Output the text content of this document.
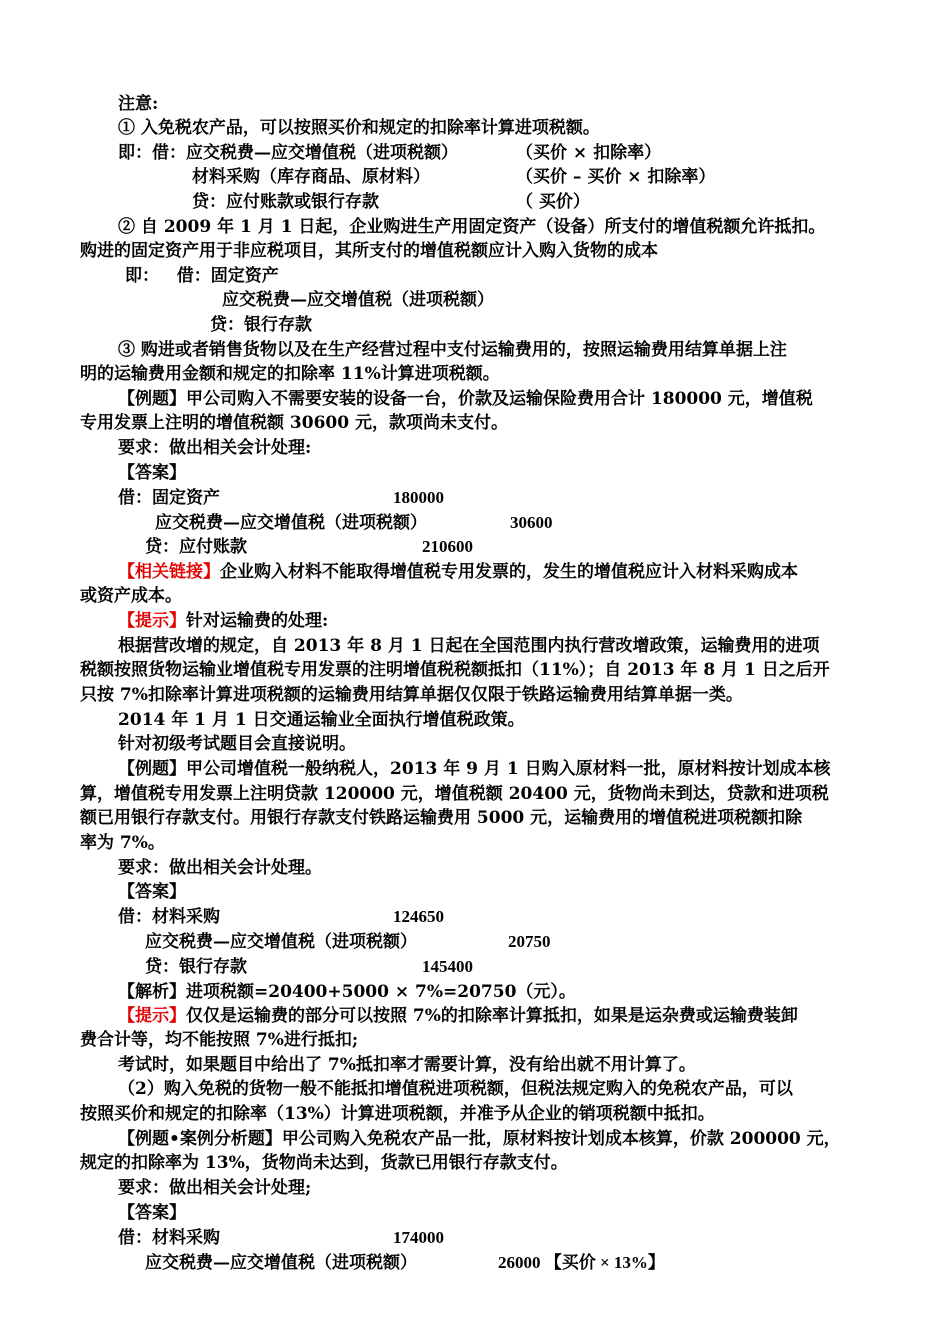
注意:
① 入免税农产品，可以按照买价和规定的扣除率计算进项税额。
即：借：应交税费—应交增值税（进项税额）	（买价 × 扣除率）
材料采购（库存商品、原材料）	（买价 – 买价 × 扣除率）
贷：应付账款或银行存款	（ 买价）
② 自 2009 年 1 月 1 日起，企业购进生产用固定资产（设备）所支付的增值税额允许抵扣。
购进的固定资产用于非应税项目，其所支付的增值税额应计入购入货物的成本
即：   借：固定资产
应交税费—应交增值税（进项税额）
贷：银行存款
③ 购进或者销售货物以及在生产经营过程中支付运输费用的，按照运输费用结算单据上注
明的运输费用金额和规定的扣除率 11%计算进项税额。
【例题】甲公司购入不需要安装的设备一台，价款及运输保险费用合计 180000 元，增值税
专用发票上注明的增值税额 30600 元，款项尚未支付。
要求：做出相关会计处理:
【答案】
借：固定资产	180000
应交税费—应交增值税（进项税额）	30600
贷：应付账款	210600
【相关链接】企业购入材料不能取得增值税专用发票的，发生的增值税应计入材料采购成本
或资产成本。
【提示】针对运输费的处理:
根据营改增的规定，自 2013 年 8 月 1 日起在全国范围内执行营改增政策，运输费用的进项
税额按照货物运输业增值税专用发票的注明增值税税额抵扣（11%）；自 2013 年 8 月 1 日之后开
只按 7%扣除率计算进项税额的运输费用结算单据仅仅限于铁路运输费用结算单据一类。
2014 年 1 月 1 日交通运输业全面执行增值税政策。
针对初级考试题目会直接说明。
【例题】甲公司增值税一般纳税人，2013 年 9 月 1 日购入原材料一批，原材料按计划成本核
算，增值税专用发票上注明贷款 120000 元，增值税额 20400 元，货物尚未到达，贷款和进项税
额已用银行存款支付。用银行存款支付铁路运输费用 5000 元，运输费用的增值税进项税额扣除
率为 7%。
要求：做出相关会计处理。
【答案】
借：材料采购	124650
应交税费—应交增值税（进项税额）	20750
贷：银行存款	145400
【解析】进项税额=20400+5000 × 7%=20750（元）。
【提示】仅仅是运输费的部分可以按照 7%的扣除率计算抵扣，如果是运杂费或运输费装卸
费合计等，均不能按照 7%进行抵扣;
考试时，如果题目中给出了 7%抵扣率才需要计算，没有给出就不用计算了。
（2）购入免税的货物一般不能抵扣增值税进项税额，但税法规定购入的免税农产品，可以
按照买价和规定的扣除率（13%）计算进项税额，并准予从企业的销项税额中抵扣。
【例题•案例分析题】甲公司购入免税农产品一批，原材料按计划成本核算，价款 200000 元，
规定的扣除率为 13%，货物尚未达到，货款已用银行存款支付。
要求：做出相关会计处理;
【答案】
借：材料采购	174000
应交税费—应交增值税（进项税额）	26000 【买价 × 13%】
